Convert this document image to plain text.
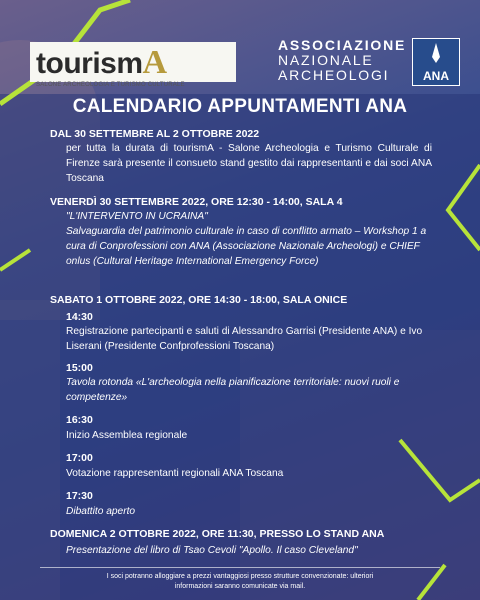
tourismA
SALONE ARCHEOLOGIA E TURISMO CULTURALE
ASSOCIAZIONE
NAZIONALE
ARCHEOLOGI	ANA
CALENDARIO APPUNTAMENTI ANA
DAL 30 SETTEMBRE AL 2 OTTOBRE 2022
per tutta la durata di tourismA - Salone Archeologia e Turismo Culturale di Firenze sarà presente il consueto stand gestito dai rappresentanti e dai soci ANA Toscana
VENERDÌ 30 SETTEMBRE 2022, ORE 12:30 - 14:00, SALA 4
"L'INTERVENTO IN UCRAINA"
Salvaguardia del patrimonio culturale in caso di conflitto armato – Workshop 1 a cura di Conprofessioni con ANA (Associazione Nazionale Archeologi) e CHIEF onlus (Cultural Heritage International Emergency Force)
SABATO 1 OTTOBRE 2022, ORE 14:30 - 18:00, SALA ONICE
14:30
Registrazione partecipanti e saluti di Alessandro Garrisi (Presidente ANA) e Ivo Liserani (Presidente Confprofessioni Toscana)
15:00
Tavola rotonda «L'archeologia nella pianificazione territoriale: nuovi ruoli e competenze»
16:30
Inizio Assemblea regionale
17:00
Votazione rappresentanti regionali ANA Toscana
17:30
Dibattito aperto
DOMENICA 2 OTTOBRE 2022, ORE 11:30, PRESSO LO STAND ANA
Presentazione del libro di Tsao Cevoli "Apollo. Il caso Cleveland"
I soci potranno alloggiare a prezzi vantaggiosi presso strutture convenzionate: ulteriori
informazioni saranno comunicate via mail.
